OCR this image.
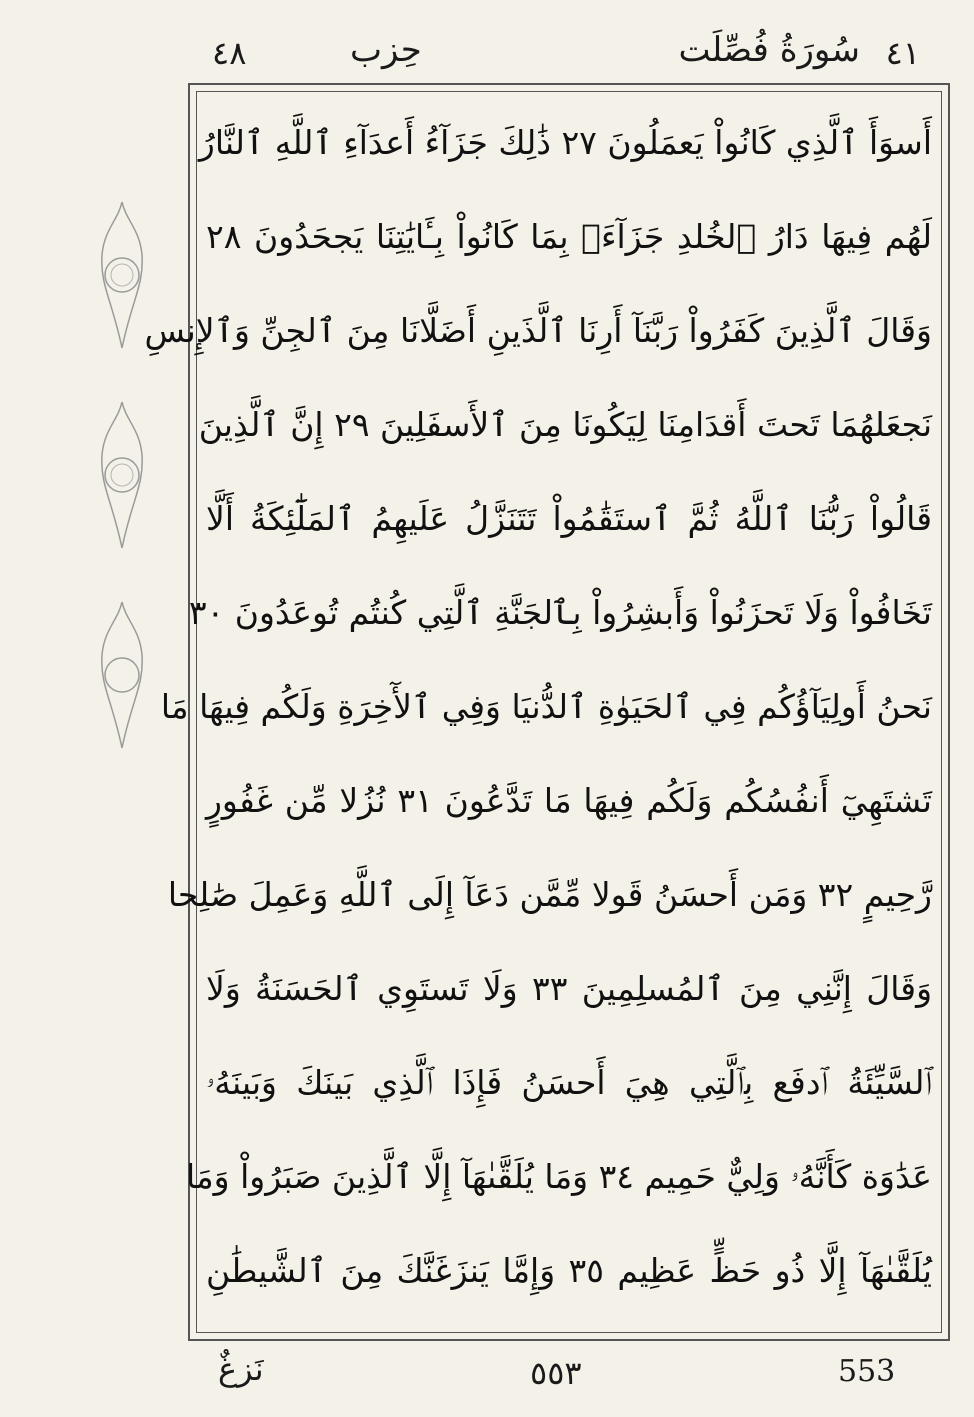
٤١
سُورَةُ فُصِّلَت
حِزب
٤٨
أَسوَأَ ٱلَّذِي كَانُواْ يَعمَلُونَ ٢٧ ذَٰلِكَ جَزَآءُ أَعدَآءِ ٱللَّهِ ٱلنَّارُ
لَهُم فِيهَا دَارُ ٱلخُلدِ جَزَآءَۢ بِمَا كَانُواْ بِـَٔايَٰتِنَا يَجحَدُونَ ٢٨
وَقَالَ ٱلَّذِينَ كَفَرُواْ رَبَّنَآ أَرِنَا ٱلَّذَينِ أَضَلَّانَا مِنَ ٱلجِنِّ وَٱلإِنسِ
نَجعَلهُمَا تَحتَ أَقدَامِنَا لِيَكُونَا مِنَ ٱلأَسفَلِينَ ٢٩ إِنَّ ٱلَّذِينَ
قَالُواْ رَبُّنَا ٱللَّهُ ثُمَّ ٱستَقَٰمُواْ تَتَنَزَّلُ عَلَيهِمُ ٱلمَلَٰٓئِكَةُ أَلَّا
تَخَافُواْ وَلَا تَحزَنُواْ وَأَبشِرُواْ بِٱلجَنَّةِ ٱلَّتِي كُنتُم تُوعَدُونَ ٣٠
نَحنُ أَولِيَآؤُكُم فِي ٱلحَيَوٰةِ ٱلدُّنيَا وَفِي ٱلأٓخِرَةِ وَلَكُم فِيهَا مَا
تَشتَهِيٓ أَنفُسُكُم وَلَكُم فِيهَا مَا تَدَّعُونَ ٣١ نُزُلا مِّن غَفُورٍ
رَّحِيمٍ ٣٢ وَمَن أَحسَنُ قَولا مِّمَّن دَعَآ إِلَى ٱللَّهِ وَعَمِلَ صَٰلِحا
وَقَالَ إِنَّنِي مِنَ ٱلمُسلِمِينَ ٣٣ وَلَا تَستَوِي ٱلحَسَنَةُ وَلَا
ٱلسَّيِّئَةُ ٱدفَع بِٱلَّتِي هِيَ أَحسَنُ فَإِذَا ٱلَّذِي بَينَكَ وَبَينَهُۥ
عَدَٰوَة كَأَنَّهُۥ وَلِيٌّ حَمِيم ٣٤ وَمَا يُلَقَّىٰهَآ إِلَّا ٱلَّذِينَ صَبَرُواْ وَمَا
يُلَقَّىٰهَآ إِلَّا ذُو حَظٍّ عَظِيم ٣٥ وَإِمَّا يَنزَغَنَّكَ مِنَ ٱلشَّيطَٰنِ
نَزغٌ	٥٥٣	553
